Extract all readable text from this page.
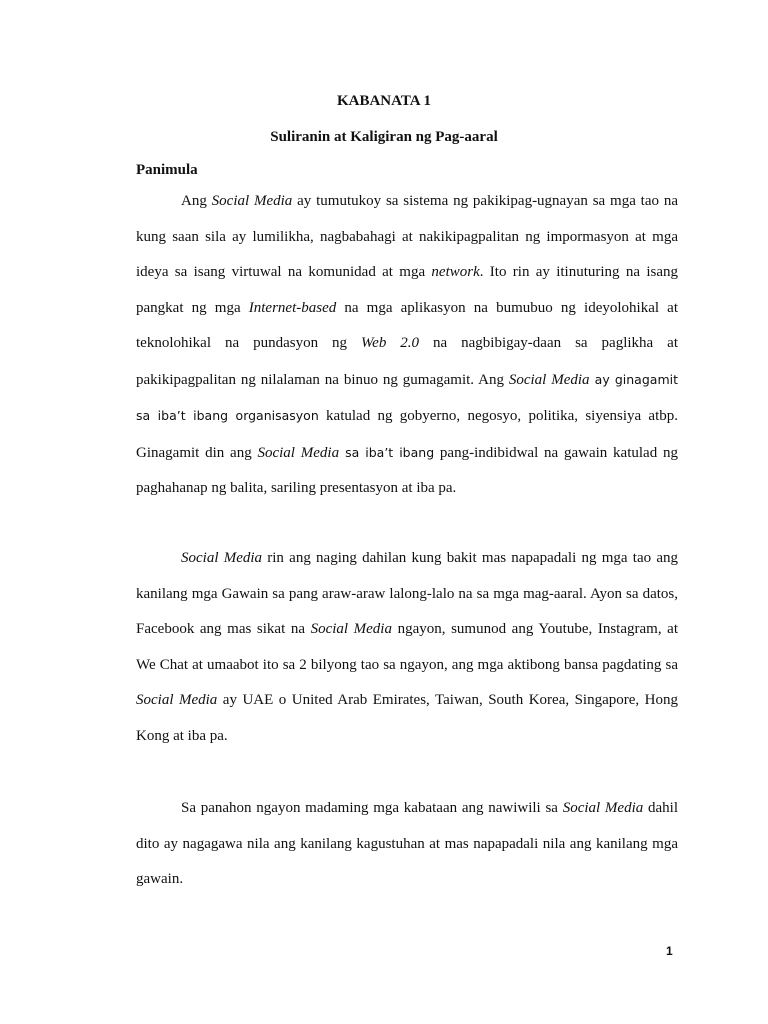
KABANATA 1
Suliranin at Kaligiran ng Pag-aaral
Panimula

Ang Social Media ay tumutukoy sa sistema ng pakikipag-ugnayan sa mga tao na kung saan sila ay lumilikha, nagbabahagi at nakikipagpalitan ng impormasyon at mga ideya sa isang virtuwal na komunidad at mga network. Ito rin ay itinuturing na isang pangkat ng mga Internet-based na mga aplikasyon na bumubuo ng ideyolohikal at teknolohikal na pundasyon ng Web 2.0 na nagbibigay-daan sa paglikha at pakikipagpalitan ng nilalaman na binuo ng gumagamit. Ang Social Media ay ginagamit sa iba’t ibang organisasyon katulad ng gobyerno, negosyo, politika, siyensiya atbp. Ginagamit din ang Social Media sa iba’t ibang pang-indibidwal na gawain katulad ng paghahanap ng balita, sariling presentasyon at iba pa.

Social Media rin ang naging dahilan kung bakit mas napapadali ng mga tao ang kanilang mga Gawain sa pang araw-araw lalong-lalo na sa mga mag-aaral. Ayon sa datos, Facebook ang mas sikat na Social Media ngayon, sumunod ang Youtube, Instagram, at We Chat at umaabot ito sa 2 bilyong tao sa ngayon, ang mga aktibong bansa pagdating sa Social Media ay UAE o United Arab Emirates, Taiwan, South Korea, Singapore, Hong Kong at iba pa.

Sa panahon ngayon madaming mga kabataan ang nawiwili sa Social Media dahil dito ay nagagawa nila ang kanilang kagustuhan at mas napapadali nila ang kanilang mga gawain.

1
